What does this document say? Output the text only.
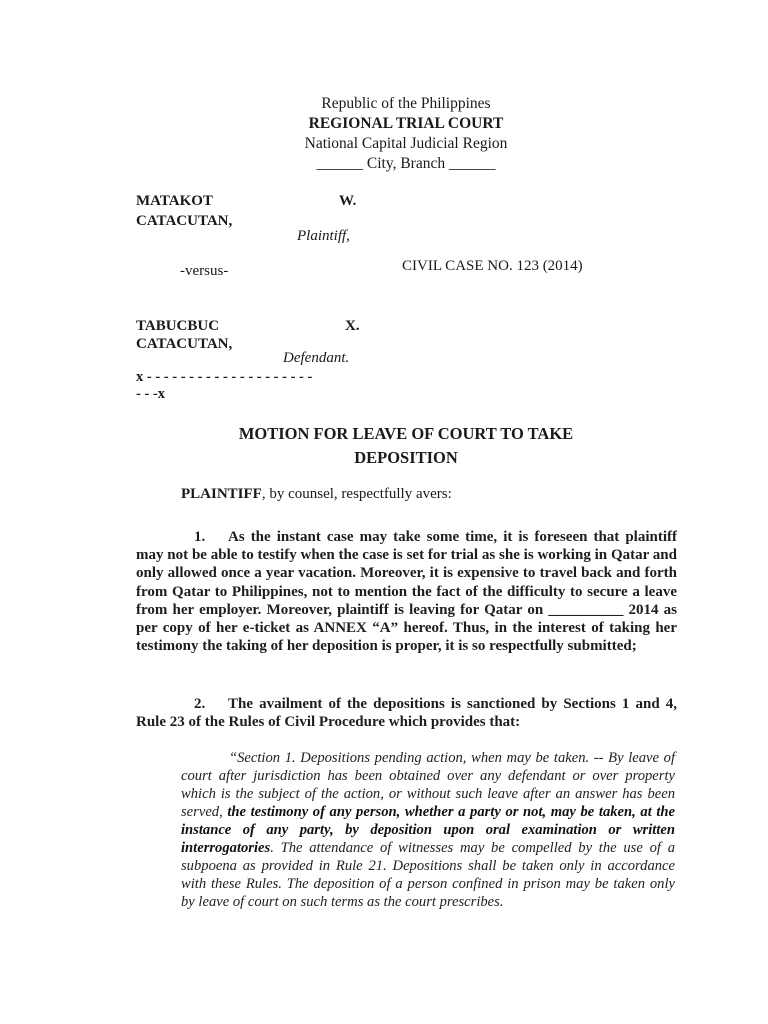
Republic of the Philippines
REGIONAL TRIAL COURT
National Capital Judicial Region
______ City, Branch ______
MATAKOT	W.
CATACUTAN,
Plaintiff,
-versus-	CIVIL CASE NO. 123 (2014)
TABUCBUC	X.
CATACUTAN,
Defendant.
x - - - - - - - - - - - - - - - - - - - -
- - -x
MOTION FOR LEAVE OF COURT TO TAKE
DEPOSITION
PLAINTIFF, by counsel, respectfully avers:
1. As the instant case may take some time, it is foreseen that plaintiff may not be able to testify when the case is set for trial as she is working in Qatar and only allowed once a year vacation. Moreover, it is expensive to travel back and forth from Qatar to Philippines, not to mention the fact of the difficulty to secure a leave from her employer. Moreover, plaintiff is leaving for Qatar on __________ 2014 as per copy of her e-ticket as ANNEX “A” hereof. Thus, in the interest of taking her testimony the taking of her deposition is proper, it is so respectfully submitted;
2. The availment of the depositions is sanctioned by Sections 1 and 4, Rule 23 of the Rules of Civil Procedure which provides that:
“Section 1. Depositions pending action, when may be taken. -- By leave of court after jurisdiction has been obtained over any defendant or over property which is the subject of the action, or without such leave after an answer has been served, the testimony of any person, whether a party or not, may be taken, at the instance of any party, by deposition upon oral examination or written interrogatories. The attendance of witnesses may be compelled by the use of a subpoena as provided in Rule 21. Depositions shall be taken only in accordance with these Rules. The deposition of a person confined in prison may be taken only by leave of court on such terms as the court prescribes.
